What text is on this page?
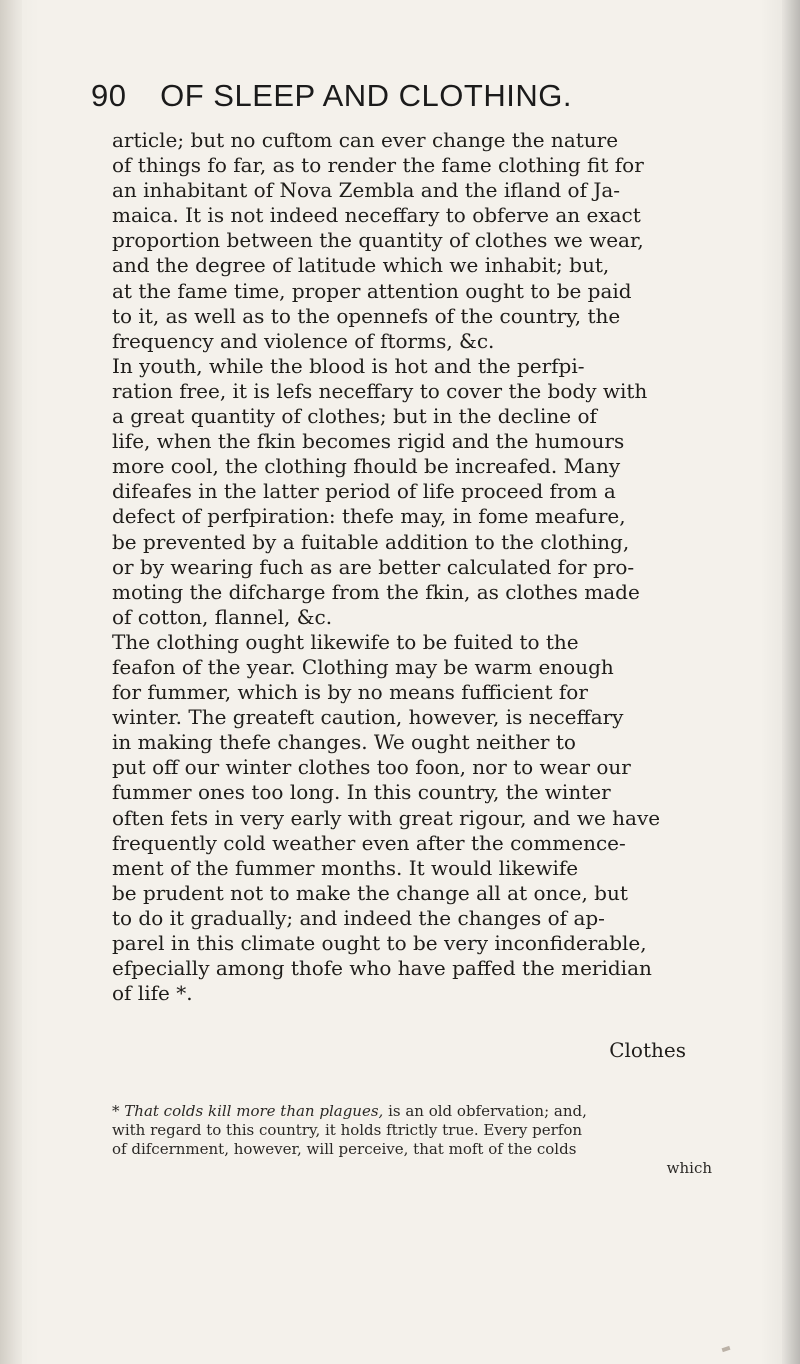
90 OF SLEEP AND CLOTHING.
article; but no cuftom can ever change the nature
of things fo far, as to render the fame clothing fit for
an inhabitant of Nova Zembla and the ifland of Ja-
maica. It is not indeed neceffary to obferve an exact
proportion between the quantity of clothes we wear,
and the degree of latitude which we inhabit; but,
at the fame time, proper attention ought to be paid
to it, as well as to the opennefs of the country, the
frequency and violence of ftorms, &c.
In youth, while the blood is hot and the perfpi-
ration free, it is lefs neceffary to cover the body with
a great quantity of clothes; but in the decline of
life, when the fkin becomes rigid and the humours
more cool, the clothing fhould be increafed. Many
difeafes in the latter period of life proceed from a
defect of perfpiration: thefe may, in fome meafure,
be prevented by a fuitable addition to the clothing,
or by wearing fuch as are better calculated for pro-
moting the difcharge from the fkin, as clothes made
of cotton, flannel, &c.
The clothing ought likewife to be fuited to the
feafon of the year. Clothing may be warm enough
for fummer, which is by no means fufficient for
winter. The greateft caution, however, is neceffary
in making thefe changes. We ought neither to
put off our winter clothes too foon, nor to wear our
fummer ones too long. In this country, the winter
often fets in very early with great rigour, and we have
frequently cold weather even after the commence-
ment of the fummer months. It would likewife
be prudent not to make the change all at once, but
to do it gradually; and indeed the changes of ap-
parel in this climate ought to be very inconfiderable,
efpecially among thofe who have paffed the meridian
of life *.
Clothes
* That colds kill more than plagues, is an old obfervation; and,
with regard to this country, it holds ftrictly true. Every perfon
of difcernment, however, will perceive, that moft of the colds
which
